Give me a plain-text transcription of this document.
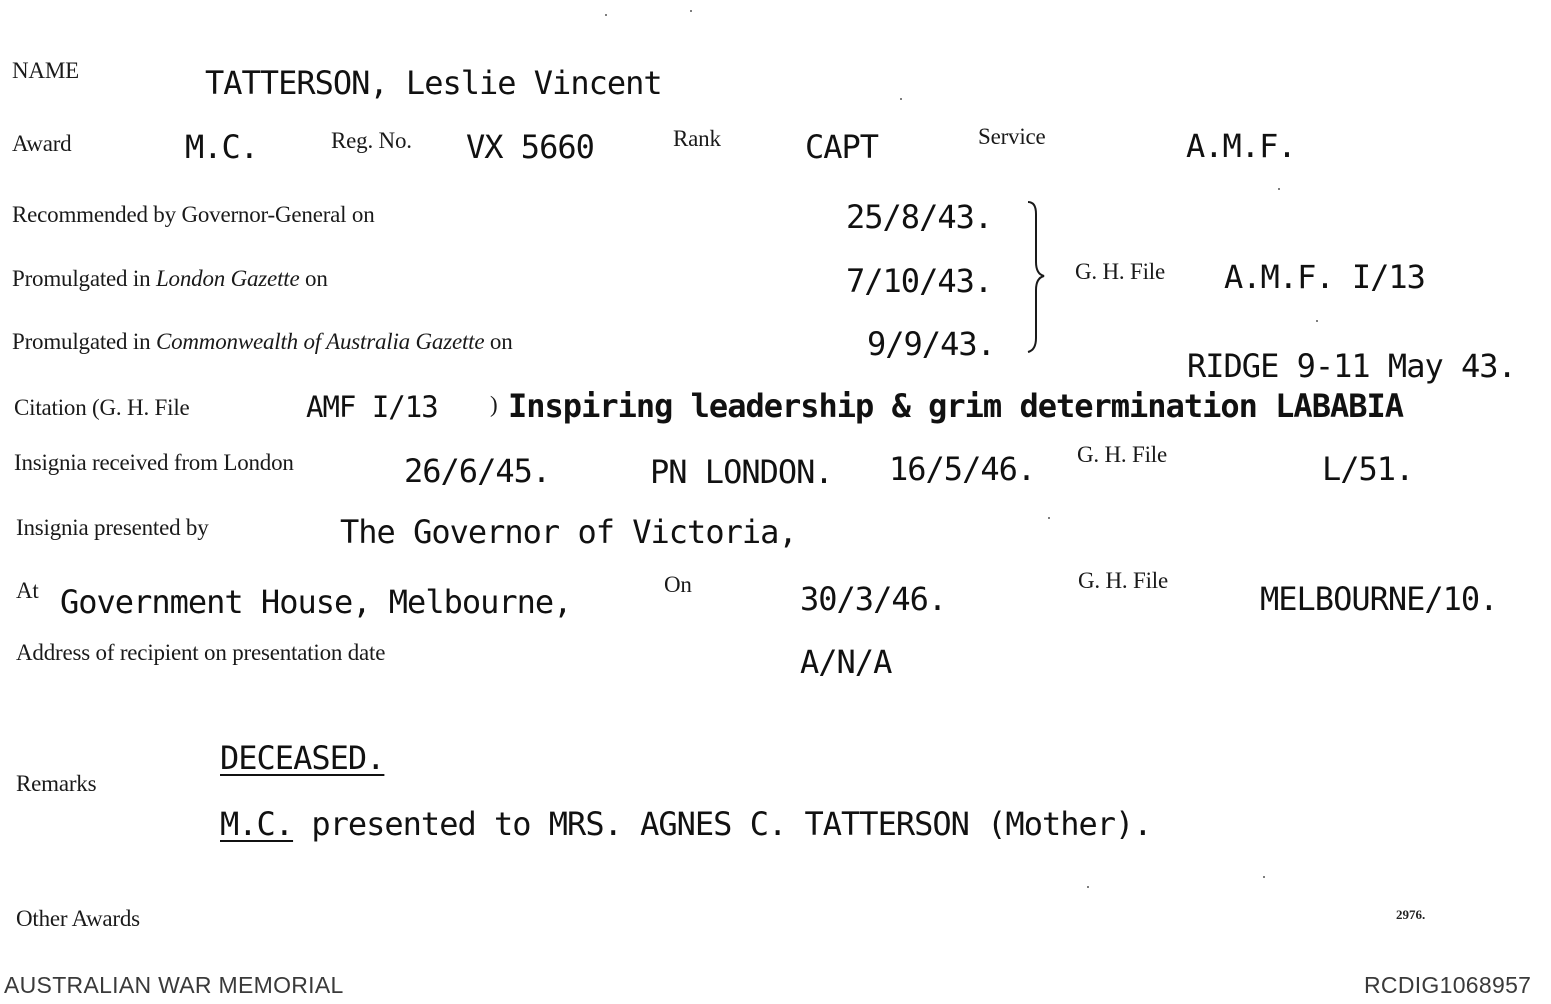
NAME	TATTERSON, Leslie Vincent
Award	M.C.	Reg. No. VX 5660	Rank	CAPT	Service	A.M.F.
Recommended by Governor-General on	25/8/43.
Promulgated in London Gazette on	7/10/43.
Promulgated in Commonwealth of Australia Gazette on	9/9/43.
G. H. File A.M.F. I/13
RIDGE 9-11 May 43.
Citation (G. H. File	AMF I/13 ) Inspiring leadership & grim determination LABABIA
Insignia received from London	26/6/45.	PN LONDON. 16/5/46. G. H. File	L/51.
Insignia presented by	The Governor of Victoria,
At Government House, Melbourne,	On	30/3/46.	G. H. File	MELBOURNE/10.
Address of recipient on presentation date	A/N/A
DECEASED.
Remarks
M.C. presented to MRS. AGNES C. TATTERSON (Mother).
Other Awards	2976.
AUSTRALIAN WAR MEMORIAL	RCDIG1068957
